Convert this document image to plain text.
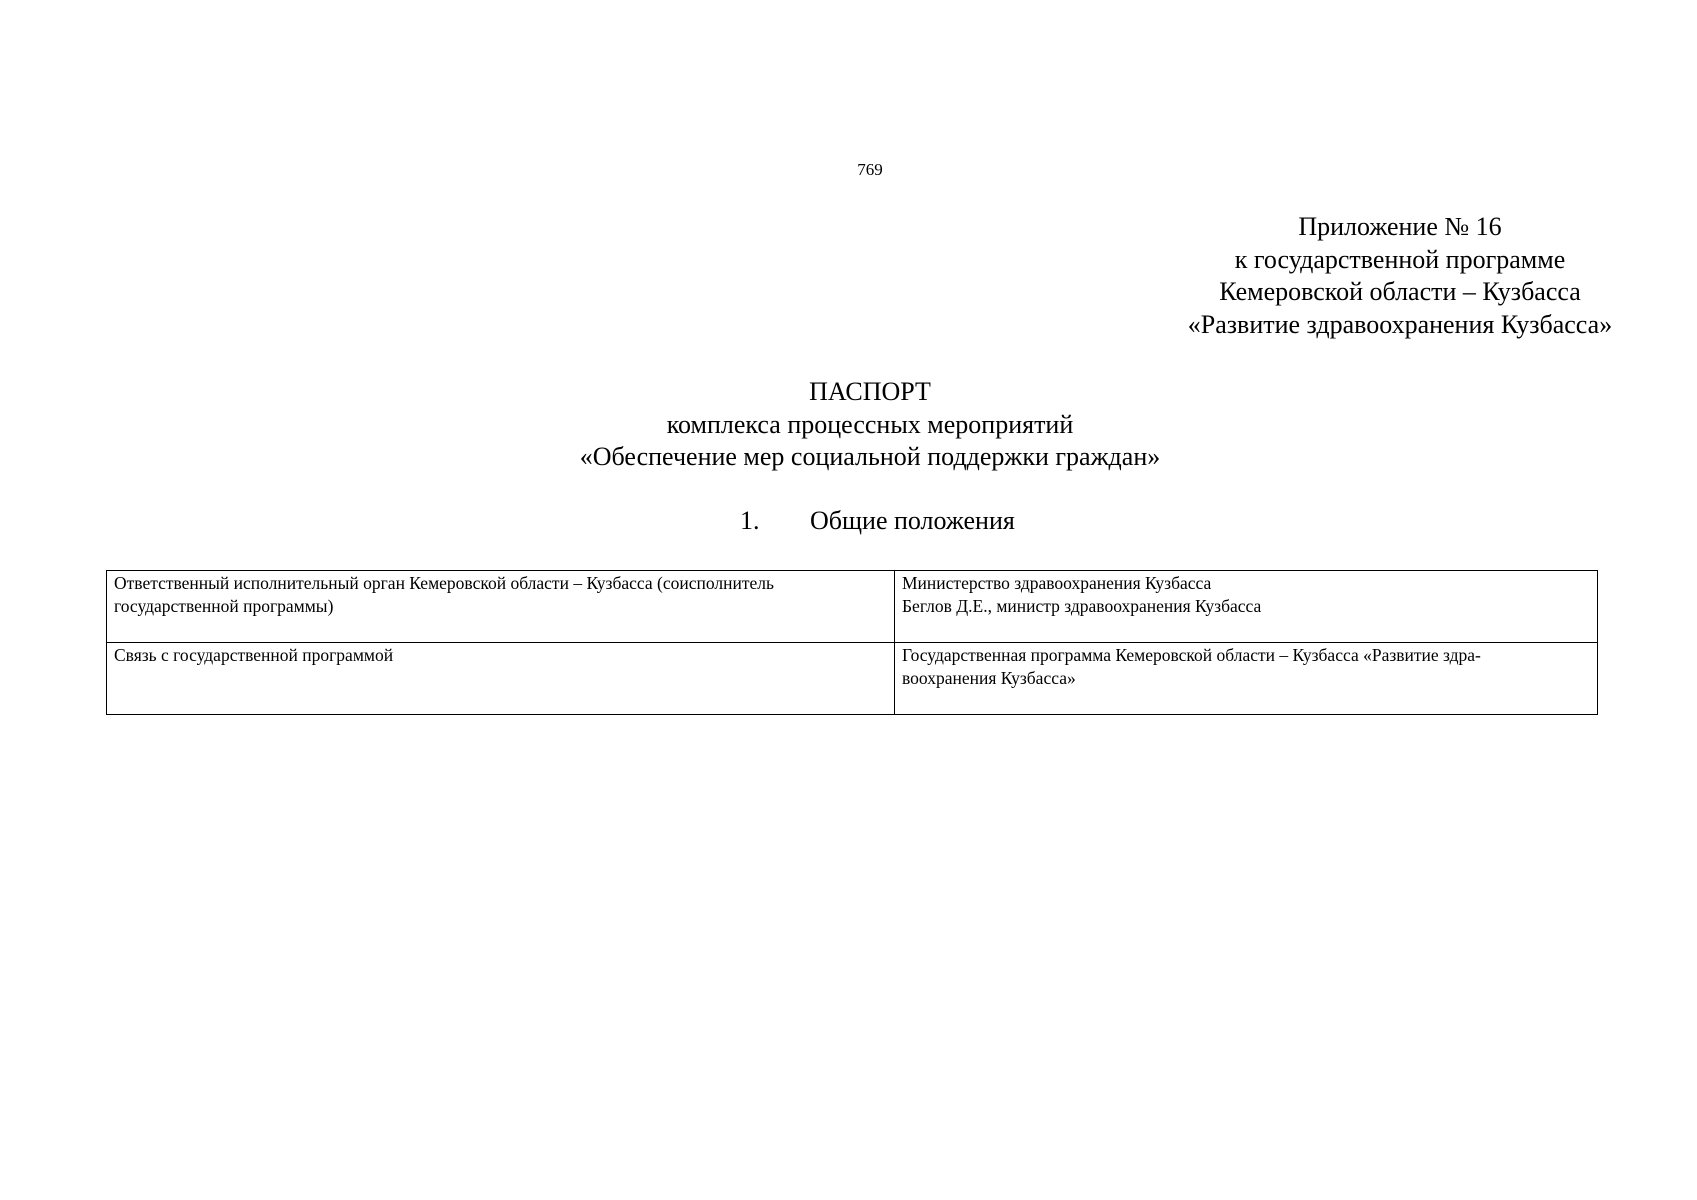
769
Приложение № 16
к государственной программе
Кемеровской области – Кузбасса
«Развитие здравоохранения Кузбасса»
ПАСПОРТ
комплекса процессных мероприятий
«Обеспечение мер социальной поддержки граждан»
1. Общие положения
Ответственный исполнительный орган Кемеровской области – Кузбасса (соисполнитель государственной программы)	Министерство здравоохранения Кузбасса
Беглов Д.Е., министр здравоохранения Кузбасса

Связь с государственной программой	Государственная программа Кемеровской области – Кузбасса «Развитие здра-
воохранения Кузбасса»
